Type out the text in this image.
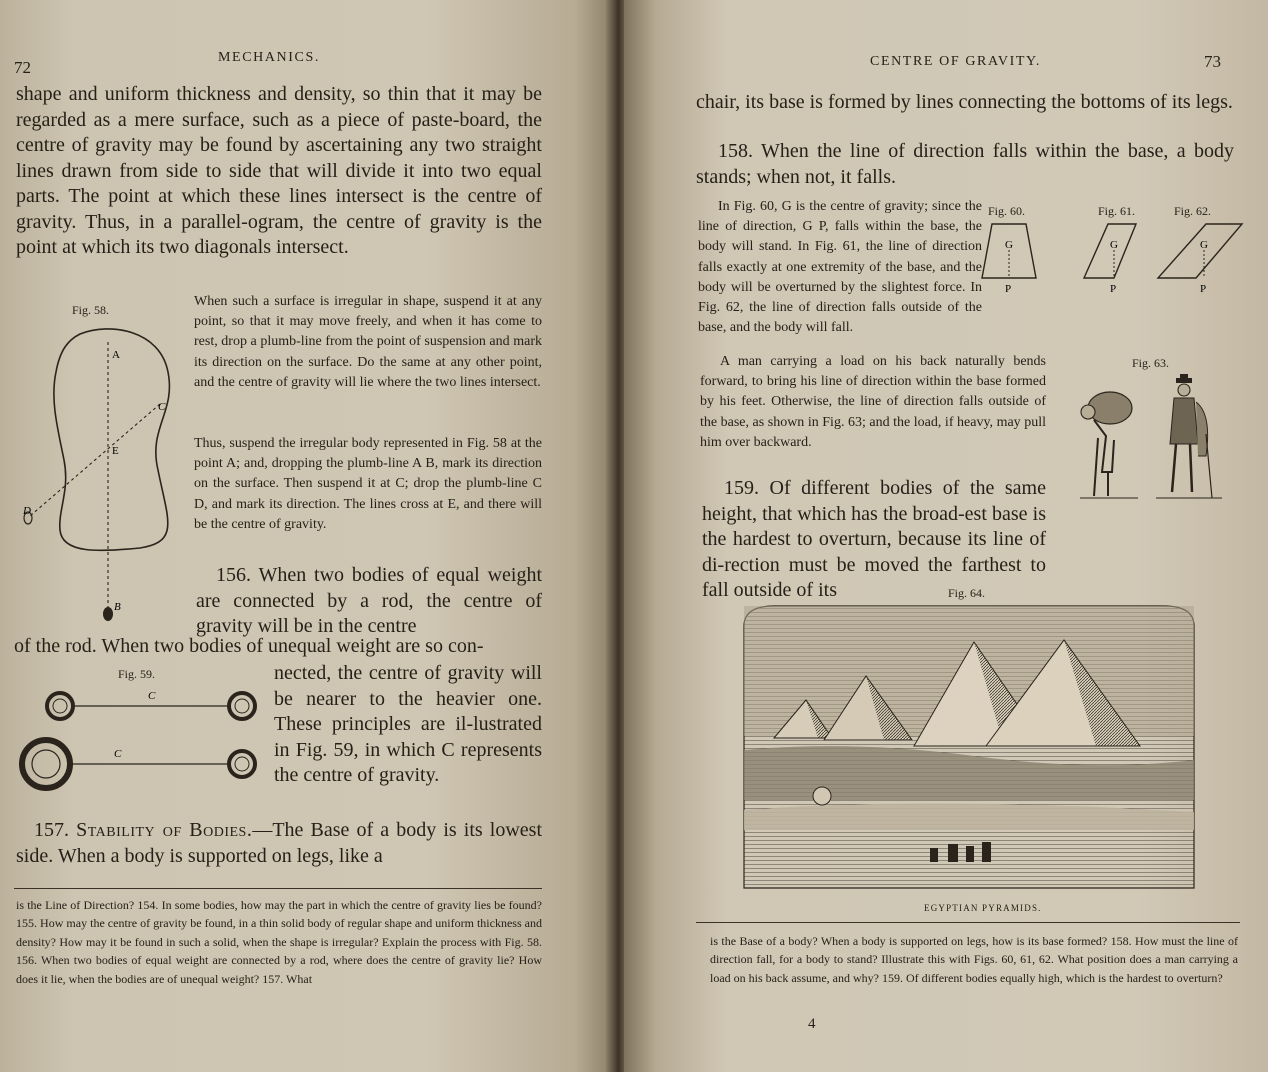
72
MECHANICS.

shape and uniform thickness and density, so thin that it may be regarded as a mere surface, such as a piece of paste-board, the centre of gravity may be found by ascertaining any two straight lines drawn from side to side that will divide it into two equal parts. The point at which these lines intersect is the centre of gravity. Thus, in a parallel-ogram, the centre of gravity is the point at which its two diagonals intersect.

Fig. 58.
A
C
E
D
B

When such a surface is irregular in shape, suspend it at any point, so that it may move freely, and when it has come to rest, drop a plumb-line from the point of suspension and mark its direction on the surface. Do the same at any other point, and the centre of gravity will lie where the two lines intersect.

Thus, suspend the irregular body represented in Fig. 58 at the point A; and, dropping the plumb-line A B, mark its direction on the surface. Then suspend it at C; drop the plumb-line C D, and mark its direction. The lines cross at E, and there will be the centre of gravity.

156. When two bodies of equal weight are connected by a rod, the centre of gravity will be in the centre

of the rod. When two bodies of unequal weight are so con-

Fig. 59.
C
C

nected, the centre of gravity will be nearer to the heavier one. These principles are il-lustrated in Fig. 59, in which C represents the centre of gravity.

157. Stability of Bodies.—The Base of a body is its lowest side. When a body is supported on legs, like a

is the Line of Direction? 154. In some bodies, how may the part in which the centre of gravity lies be found? 155. How may the centre of gravity be found, in a thin solid body of regular shape and uniform thickness and density? How may it be found in such a solid, when the shape is irregular? Explain the process with Fig. 58. 156. When two bodies of equal weight are connected by a rod, where does the centre of gravity lie? How does it lie, when the bodies are of unequal weight? 157. What

CENTRE OF GRAVITY.	73

chair, its base is formed by lines connecting the bottoms of its legs.

158. When the line of direction falls within the base, a body stands; when not, it falls.

In Fig. 60, G is the centre of gravity; since the line of direction, G P, falls within the base, the body will stand. In Fig. 61, the line of direction falls exactly at one extremity of the base, and the body will be overturned by the slightest force. In Fig. 62, the line of direction falls outside of the base, and the body will fall.

Fig. 60.	Fig. 61.	Fig. 62.
G
P
G
P
G
P

A man carrying a load on his back naturally bends forward, to bring his line of direction within the base formed by his feet. Otherwise, the line of direction falls outside of the base, as shown in Fig. 63; and the load, if heavy, may pull him over backward.

Fig. 63.

159. Of different bodies of the same height, that which has the broad-est base is the hardest to overturn, because its line of di-rection must be moved the farthest to fall outside of its	Fig. 64.
EGYPTIAN PYRAMIDS.

is the Base of a body? When a body is supported on legs, how is its base formed? 158. How must the line of direction fall, for a body to stand? Illustrate this with Figs. 60, 61, 62. What position does a man carrying a load on his back assume, and why? 159. Of different bodies equally high, which is the hardest to overturn?

4
